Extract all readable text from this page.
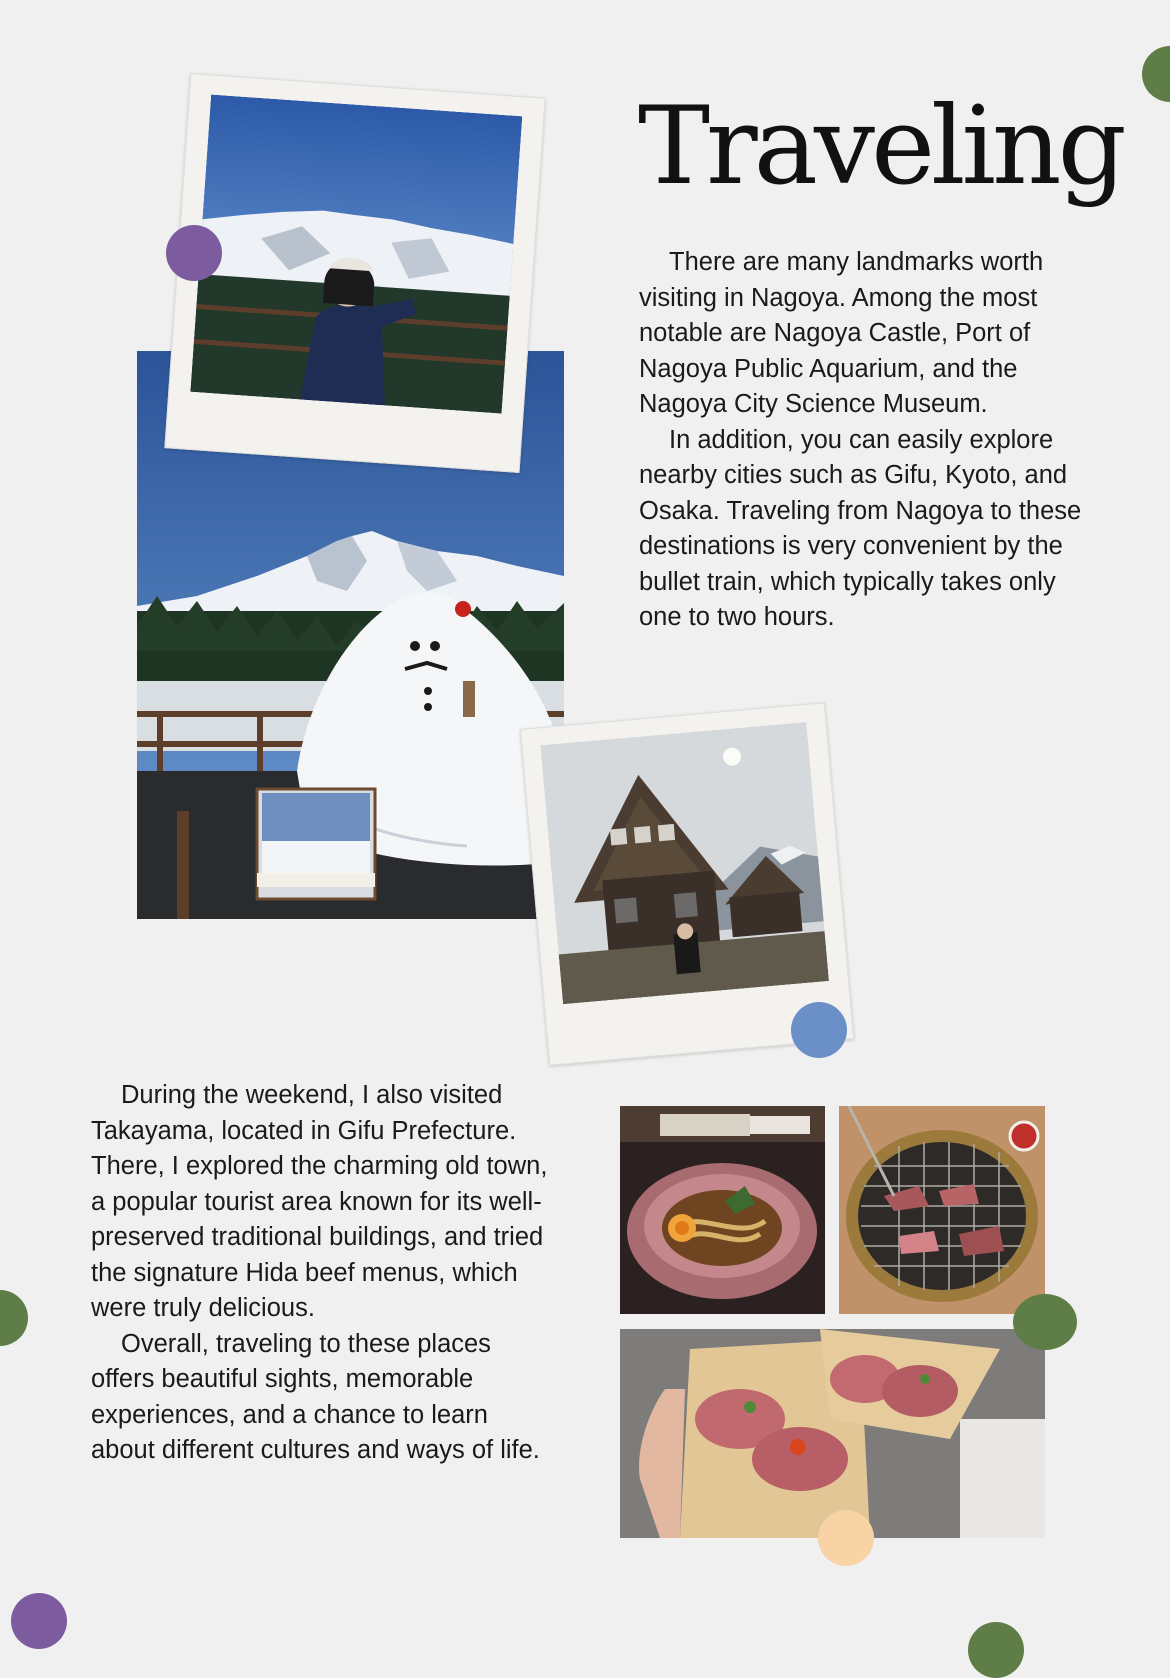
Traveling

There are many landmarks worth visiting in Nagoya. Among the most notable are Nagoya Castle, Port of Nagoya Public Aquarium, and the Nagoya City Science Museum.

In addition, you can easily explore nearby cities such as Gifu, Kyoto, and Osaka. Traveling from Nagoya to these destinations is very convenient by the bullet train, which typically takes only one to two hours.

During the weekend, I also visited Takayama, located in Gifu Prefecture. There, I explored the charming old town, a popular tourist area known for its well-preserved traditional buildings, and tried the signature Hida beef menus, which were truly delicious.

Overall, traveling to these places offers beautiful sights, memorable experiences, and a chance to learn about different cultures and ways of life.
